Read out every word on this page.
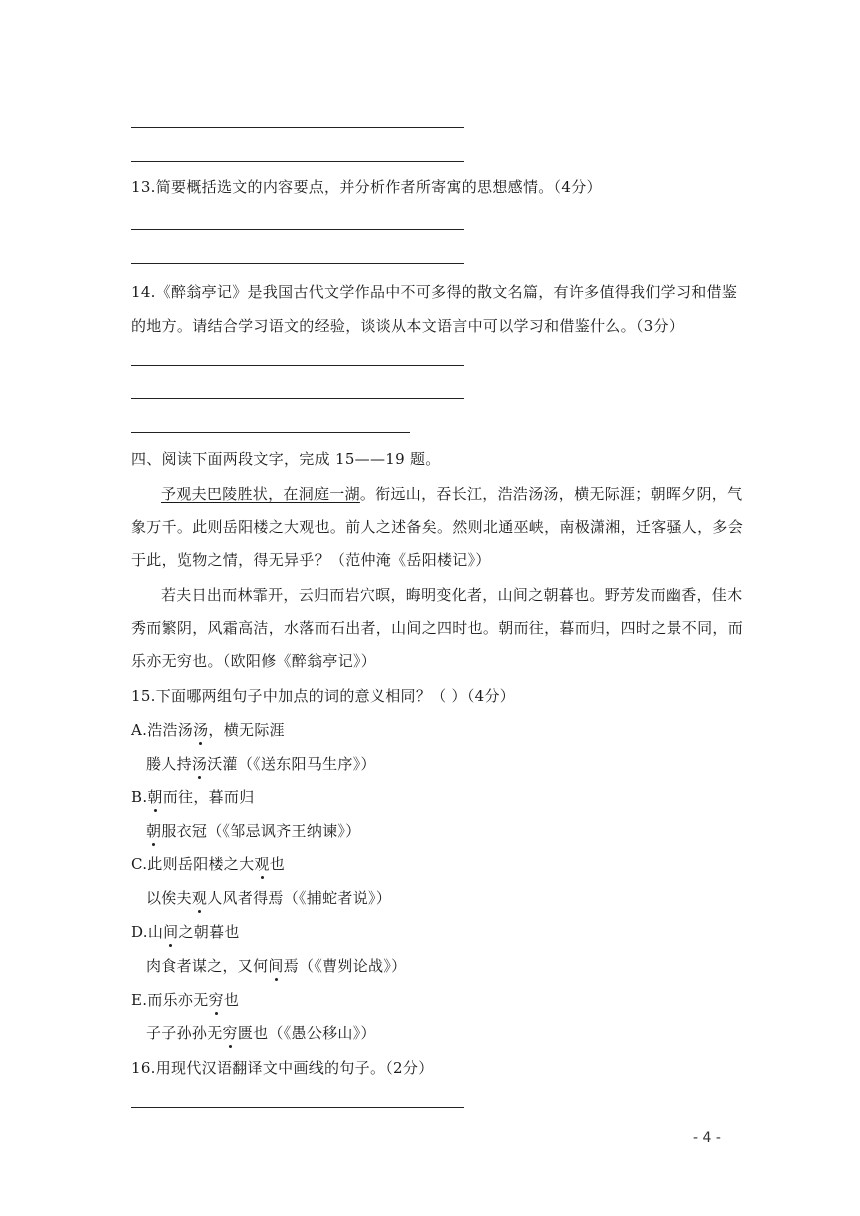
13.简要概括选文的内容要点，并分析作者所寄寓的思想感情。（4分）
14.《醉翁亭记》是我国古代文学作品中不可多得的散文名篇，有许多值得我们学习和借鉴
的地方。请结合学习语文的经验，谈谈从本文语言中可以学习和借鉴什么。（3分）
四、阅读下面两段文字，完成 15——19 题。
予观夫巴陵胜状，在洞庭一湖。衔远山，吞长江，浩浩汤汤，横无际涯；朝晖夕阴，气
象万千。此则岳阳楼之大观也。前人之述备矣。然则北通巫峡，南极潇湘，迁客骚人，多会
于此，览物之情，得无异乎？（范仲淹《岳阳楼记》）
若夫日出而林霏开，云归而岩穴暝，晦明变化者，山间之朝暮也。野芳发而幽香，佳木
秀而繁阴，风霜高洁，水落而石出者，山间之四时也。朝而往，暮而归，四时之景不同，而
乐亦无穷也。（欧阳修《醉翁亭记》）
15.下面哪两组句子中加点的词的意义相同？（ ）（4分）
A.浩浩汤汤，横无际涯
媵人持汤沃灌（《送东阳马生序》）
B.朝而往，暮而归
朝服衣冠（《邹忌讽齐王纳谏》）
C.此则岳阳楼之大观也
以俟夫观人风者得焉（《捕蛇者说》）
D.山间之朝暮也
肉食者谋之，又何间焉（《曹刿论战》）
E.而乐亦无穷也
子子孙孙无穷匮也（《愚公移山》）
16.用现代汉语翻译文中画线的句子。（2分）
- 4 -
